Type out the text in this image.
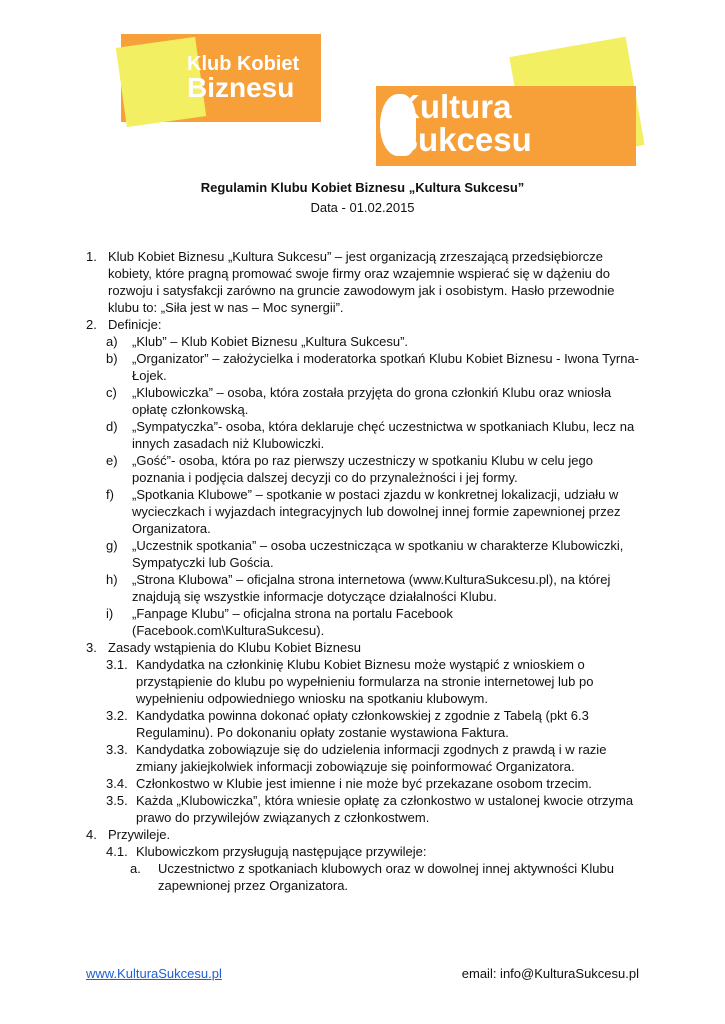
Klub Kobiet
Biznesu
Kultura
Sukcesu
Regulamin Klubu Kobiet Biznesu „Kultura Sukcesu”
Data - 01.02.2015
1. Klub Kobiet Biznesu „Kultura Sukcesu” – jest organizacją zrzeszającą przedsiębiorcze kobiety, które pragną promować swoje firmy oraz wzajemnie wspierać się w dążeniu do rozwoju i satysfakcji zarówno na gruncie zawodowym jak i osobistym. Hasło przewodnie klubu to: „Siła jest w nas – Moc synergii”.
2. Definicje:
a) „Klub” – Klub Kobiet Biznesu „Kultura Sukcesu”.
b) „Organizator” – założycielka i moderatorka spotkań Klubu Kobiet Biznesu - Iwona Tyrna-Łojek.
c) „Klubowiczka” – osoba, która została przyjęta do grona członkiń Klubu oraz wniosła opłatę członkowską.
d) „Sympatyczka”- osoba, która deklaruje chęć uczestnictwa w spotkaniach Klubu, lecz na innych zasadach niż Klubowiczki.
e) „Gość”- osoba, która po raz pierwszy uczestniczy w spotkaniu Klubu w celu jego poznania i podjęcia dalszej decyzji co do przynależności i jej formy.
f) „Spotkania Klubowe” – spotkanie w postaci zjazdu w konkretnej lokalizacji, udziału w wycieczkach i wyjazdach integracyjnych lub dowolnej innej formie zapewnionej przez Organizatora.
g) „Uczestnik spotkania” – osoba uczestnicząca w spotkaniu w charakterze Klubowiczki, Sympatyczki lub Gościa.
h) „Strona Klubowa” – oficjalna strona internetowa (www.KulturaSukcesu.pl), na której znajdują się wszystkie informacje dotyczące działalności Klubu.
i) „Fanpage Klubu” – oficjalna strona na portalu Facebook (Facebook.com\KulturaSukcesu).
3. Zasady wstąpienia do Klubu Kobiet Biznesu
3.1. Kandydatka na członkinię Klubu Kobiet Biznesu może wystąpić z wnioskiem o przystąpienie do klubu po wypełnieniu formularza na stronie internetowej lub po wypełnieniu odpowiedniego wniosku na spotkaniu klubowym.
3.2. Kandydatka powinna dokonać opłaty członkowskiej z zgodnie z Tabelą (pkt 6.3 Regulaminu). Po dokonaniu opłaty zostanie wystawiona Faktura.
3.3. Kandydatka zobowiązuje się do udzielenia informacji zgodnych z prawdą i w razie zmiany jakiejkolwiek informacji zobowiązuje się poinformować Organizatora.
3.4. Członkostwo w Klubie jest imienne i nie może być przekazane osobom trzecim.
3.5. Każda „Klubowiczka”, która wniesie opłatę za członkostwo w ustalonej kwocie otrzyma prawo do przywilejów związanych z członkostwem.
4. Przywileje.
4.1. Klubowiczkom przysługują następujące przywileje:
a. Uczestnictwo z spotkaniach klubowych oraz w dowolnej innej aktywności Klubu zapewnionej przez Organizatora.
www.KulturaSukcesu.pl	email: info@KulturaSukcesu.pl
